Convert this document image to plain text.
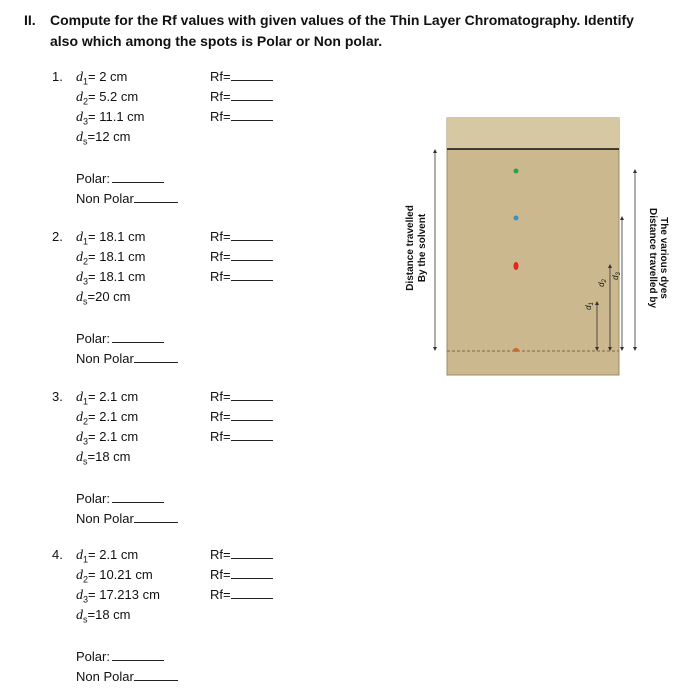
II. Compute for the Rf values with given values of the Thin Layer Chromatography. Identify also which among the spots is Polar or Non polar.
1. $d_1= 2$ cm
$d_2= 5.2$ cm
$d_3= 11.1$ cm
$d_s=12$ cm
Rf=
Rf=
Rf=
Polar:
Non Polar
2. $d_1= 18.1$ cm
$d_2= 18.1$ cm
$d_3= 18.1$ cm
$d_s=20$ cm
Rf=
Rf=
Rf=
Polar:
Non Polar
3. $d_1= 2.1$ cm
$d_2= 2.1$ cm
$d_3= 2.1$ cm
$d_s=18$ cm
Rf=
Rf=
Rf=
Polar:
Non Polar
4. $d_1= 2.1$ cm
$d_2= 10.21$ cm
$d_3= 17.213$ cm
$d_s=18$ cm
Rf=
Rf=
Rf=
Polar:
Non Polar
Distance travelled By the solvent
$d_1$
$d_2$
$d_3$	Distance travelled by The various dyes
